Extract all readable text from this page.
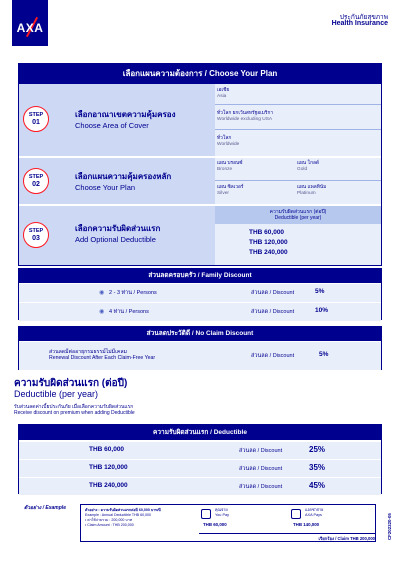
AXA
ประกันภัยสุขภาพ
Health Insurance
เลือกแผนความต้องการ / Choose Your Plan
STEP
01
เลือกอาณาเขตความคุ้มครอง
Choose Area of Cover
เอเชีย
Asia
ทั่วโลก ยกเว้นสหรัฐอเมริกา
Worldwide excluding USA
ทั่วโลก
Worldwide
STEP
02
เลือกแผนความคุ้มครองหลัก
Choose Your Plan
แผน บรอนซ์
Bronze
แผน โกลด์
Gold
แผน ซิลเวอร์
Silver
แผน แพลทินัม
Platinum
STEP
03
เลือกความรับผิดส่วนแรก
Add Optional Deductible
ความรับผิดส่วนแรก (ต่อปี)
Deductible (per year)
THB 60,000
THB 120,000
THB 240,000
ส่วนลดครอบครัว / Family Discount
◉ 2 - 3 ท่าน / Persons	ส่วนลด / Discount	5%
◉ 4 ท่าน / Persons	ส่วนลด / Discount	10%
ส่วนลดประวัติดี / No Claim Discount
ส่วนลดมีต่ออายุกรมธรรม์ไม่มีเคลม
Renewal Discount After Each Claim-Free Year	ส่วนลด / Discount	5%
ความรับผิดส่วนแรก (ต่อปี)
Deductible (per year)
รับส่วนลดค่าเบี้ยประกันภัย เมื่อเลือกความรับผิดส่วนแรก
Receive discount on premium when adding Deductible
ความรับผิดส่วนแรก / Deductible
THB 60,000	ส่วนลด / Discount	25%
THB 120,000	ส่วนลด / Discount	35%
THB 240,000	ส่วนลด / Discount	45%
ตัวอย่าง / Example	ตัวอย่าง : ความรับผิดส่วนแรกต่อปี 60,000 บาท/ปี
Example : Annual Deductible THB 60,000
• ค่าใช้จ่ายรวม : 200,000 บาท
• Claim Amount : THB 200,000
คุณจ่าย
You Pay
THB 60,000
แอกซ่าจ่าย
AXA Pays
THB 140,000
เรียกร้อง / Claim THB 200,000	CF202320-05
